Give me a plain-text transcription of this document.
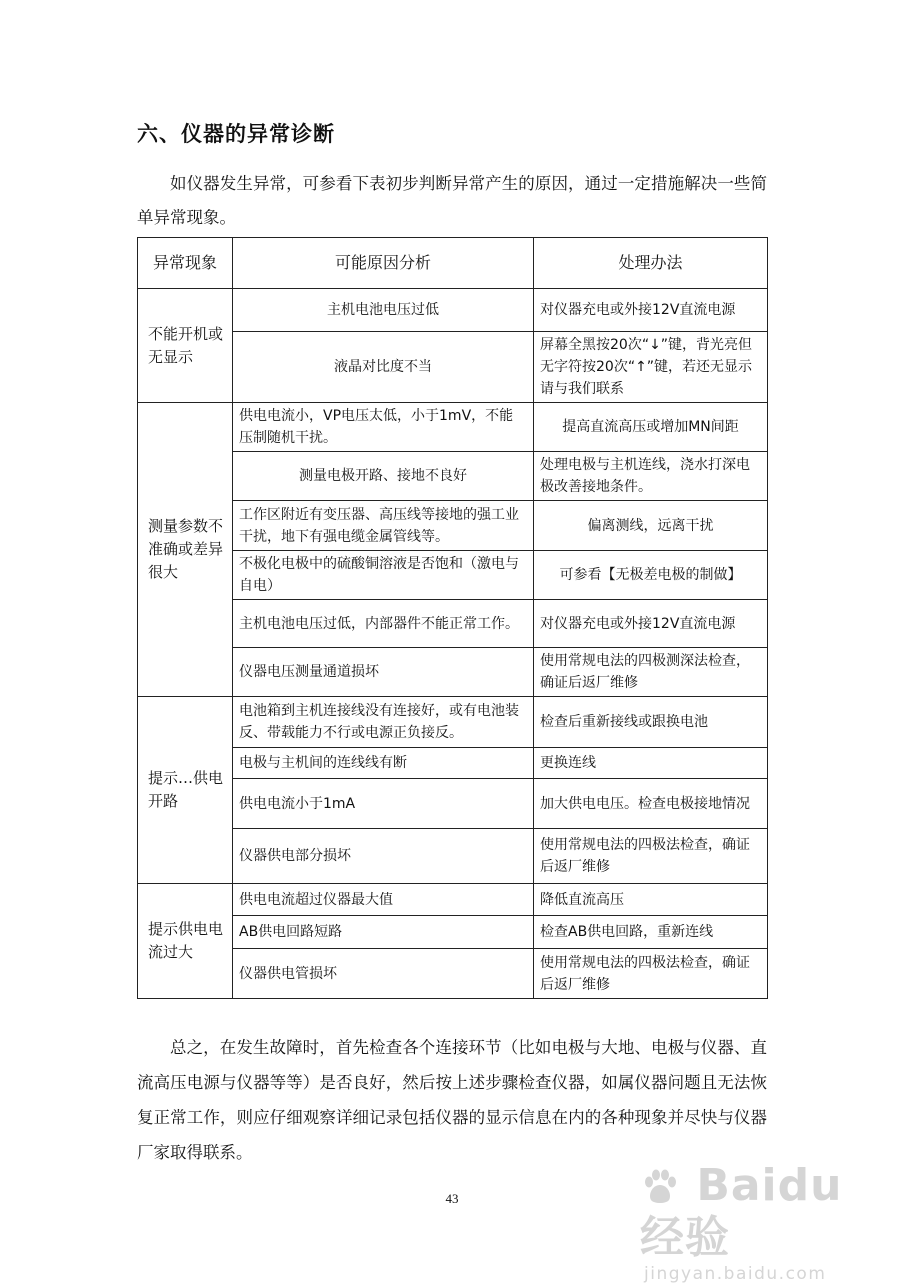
六、仪器的异常诊断
如仪器发生异常，可参看下表初步判断异常产生的原因，通过一定措施解决一些简单异常现象。
异常现象	可能原因分析	处理办法
不能开机或无显示	主机电池电压过低	对仪器充电或外接12V直流电源
	液晶对比度不当	屏幕全黑按20次“↓”键，背光亮但无字符按20次“↑”键，若还无显示请与我们联系
测量参数不准确或差异很大	供电电流小，VP电压太低，小于1mV，不能压制随机干扰。	提高直流高压或增加MN间距
	测量电极开路、接地不良好	处理电极与主机连线，浇水打深电极改善接地条件。
	工作区附近有变压器、高压线等接地的强工业干扰，地下有强电缆金属管线等。	偏离测线，远离干扰
	不极化电极中的硫酸铜溶液是否饱和（激电与自电）	可参看【无极差电极的制做】
	主机电池电压过低，内部器件不能正常工作。	对仪器充电或外接12V直流电源
	仪器电压测量通道损坏	使用常规电法的四极测深法检查，确证后返厂维修
提示…供电开路	电池箱到主机连接线没有连接好，或有电池装反、带载能力不行或电源正负接反。	检查后重新接线或跟换电池
	电极与主机间的连线线有断	更换连线
	供电电流小于1mA	加大供电电压。检查电极接地情况
	仪器供电部分损坏	使用常规电法的四极法检查，确证后返厂维修
提示供电电流过大	供电电流超过仪器最大值	降低直流高压
	AB供电回路短路	检查AB供电回路，重新连线
	仪器供电管损坏	使用常规电法的四极法检查，确证后返厂维修
总之，在发生故障时，首先检查各个连接环节（比如电极与大地、电极与仪器、直流高压电源与仪器等等）是否良好，然后按上述步骤检查仪器，如属仪器问题且无法恢复正常工作，则应仔细观察详细记录包括仪器的显示信息在内的各种现象并尽快与仪器厂家取得联系。
43	Baidu经验
jingyan.baidu.com
